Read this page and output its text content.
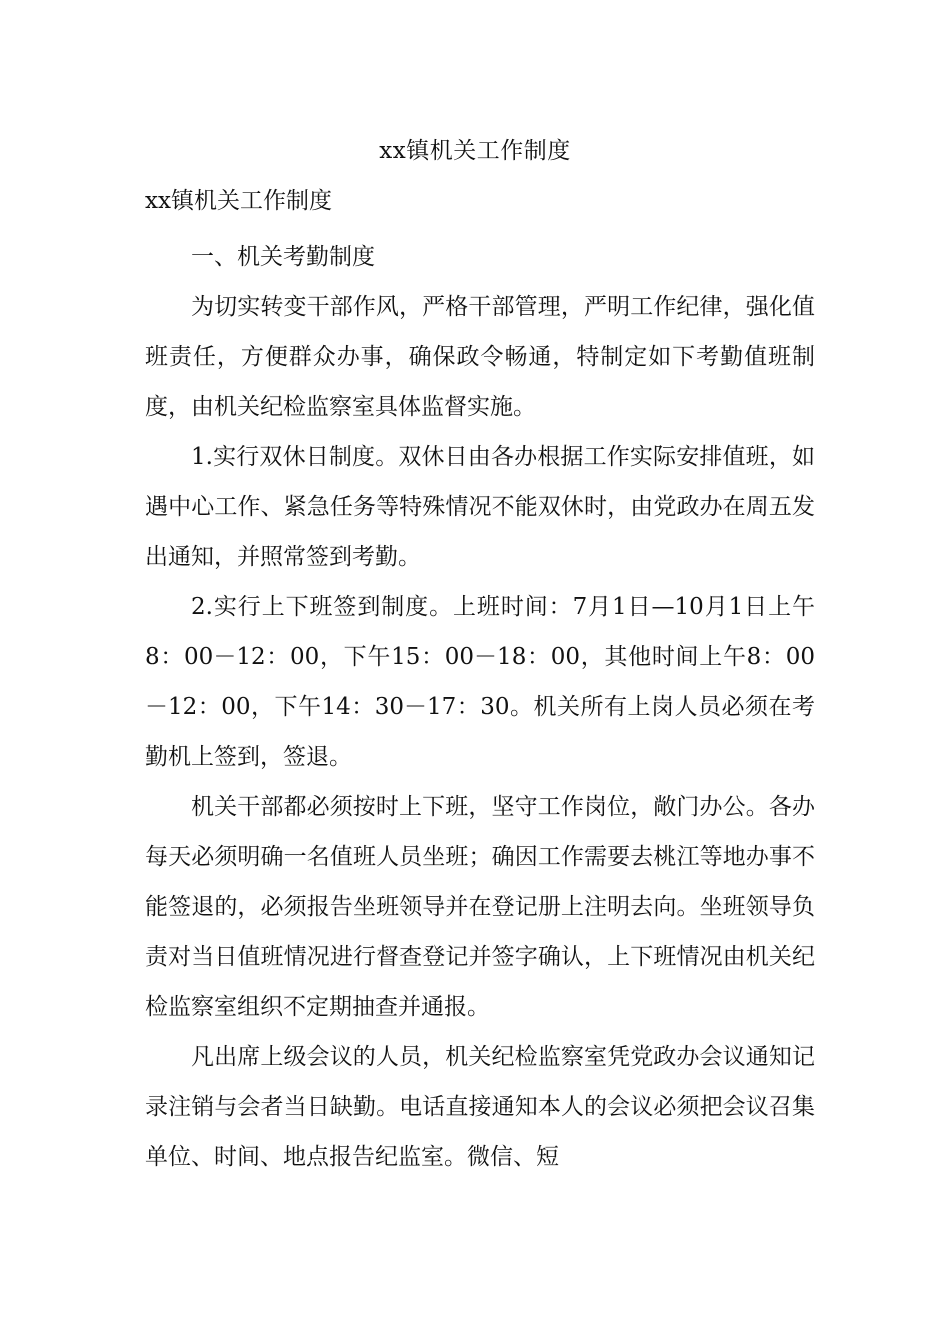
xx镇机关工作制度
xx镇机关工作制度

一、机关考勤制度

为切实转变干部作风，严格干部管理，严明工作纪律，强化值班责任，方便群众办事，确保政令畅通，特制定如下考勤值班制度，由机关纪检监察室具体监督实施。

1.实行双休日制度。双休日由各办根据工作实际安排值班，如遇中心工作、紧急任务等特殊情况不能双休时，由党政办在周五发出通知，并照常签到考勤。

2.实行上下班签到制度。上班时间：7月1日—10月1日上午8：00－12：00，下午15：00－18：00，其他时间上午8：00－12：00，下午14：30－17：30。机关所有上岗人员必须在考勤机上签到，签退。

机关干部都必须按时上下班，坚守工作岗位，敞门办公。各办每天必须明确一名值班人员坐班；确因工作需要去桃江等地办事不能签退的，必须报告坐班领导并在登记册上注明去向。坐班领导负责对当日值班情况进行督查登记并签字确认，上下班情况由机关纪检监察室组织不定期抽查并通报。

凡出席上级会议的人员，机关纪检监察室凭党政办会议通知记录注销与会者当日缺勤。电话直接通知本人的会议必须把会议召集单位、时间、地点报告纪监室。微信、短
